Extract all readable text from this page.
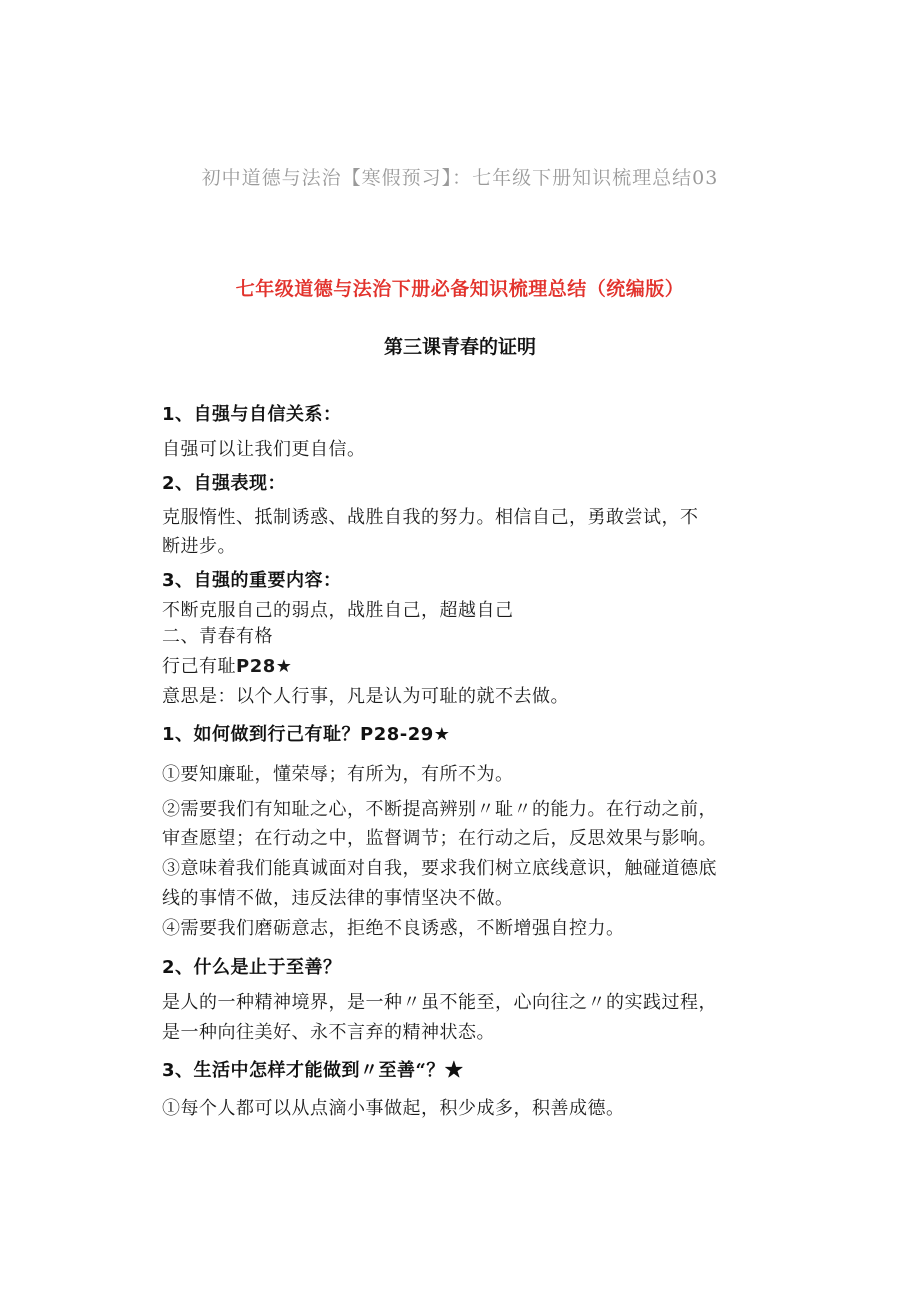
初中道德与法治【寒假预习】：七年级下册知识梳理总结03
七年级道德与法治下册必备知识梳理总结（统编版）
第三课青春的证明
1、自强与自信关系：
自强可以让我们更自信。
2、自强表现：
克服惰性、抵制诱惑、战胜自我的努力。相信自己，勇敢尝试，不
断进步。
3、自强的重要内容：
不断克服自己的弱点，战胜自己，超越自己
二、青春有格
行己有耻P28★
意思是：以个人行事，凡是认为可耻的就不去做。
1、如何做到行己有耻？P28-29★
①要知廉耻，懂荣辱；有所为，有所不为。
②需要我们有知耻之心，不断提高辨别〃耻〃的能力。在行动之前，
审查愿望；在行动之中，监督调节；在行动之后，反思效果与影响。
③意味着我们能真诚面对自我，要求我们树立底线意识，触碰道德底
线的事情不做，违反法律的事情坚决不做。
④需要我们磨砺意志，拒绝不良诱惑，不断增强自控力。
2、什么是止于至善？
是人的一种精神境界，是一种〃虽不能至，心向往之〃的实践过程，
是一种向往美好、永不言弃的精神状态。
3、生活中怎样才能做到〃至善“？★
①每个人都可以从点滴小事做起，积少成多，积善成德。
